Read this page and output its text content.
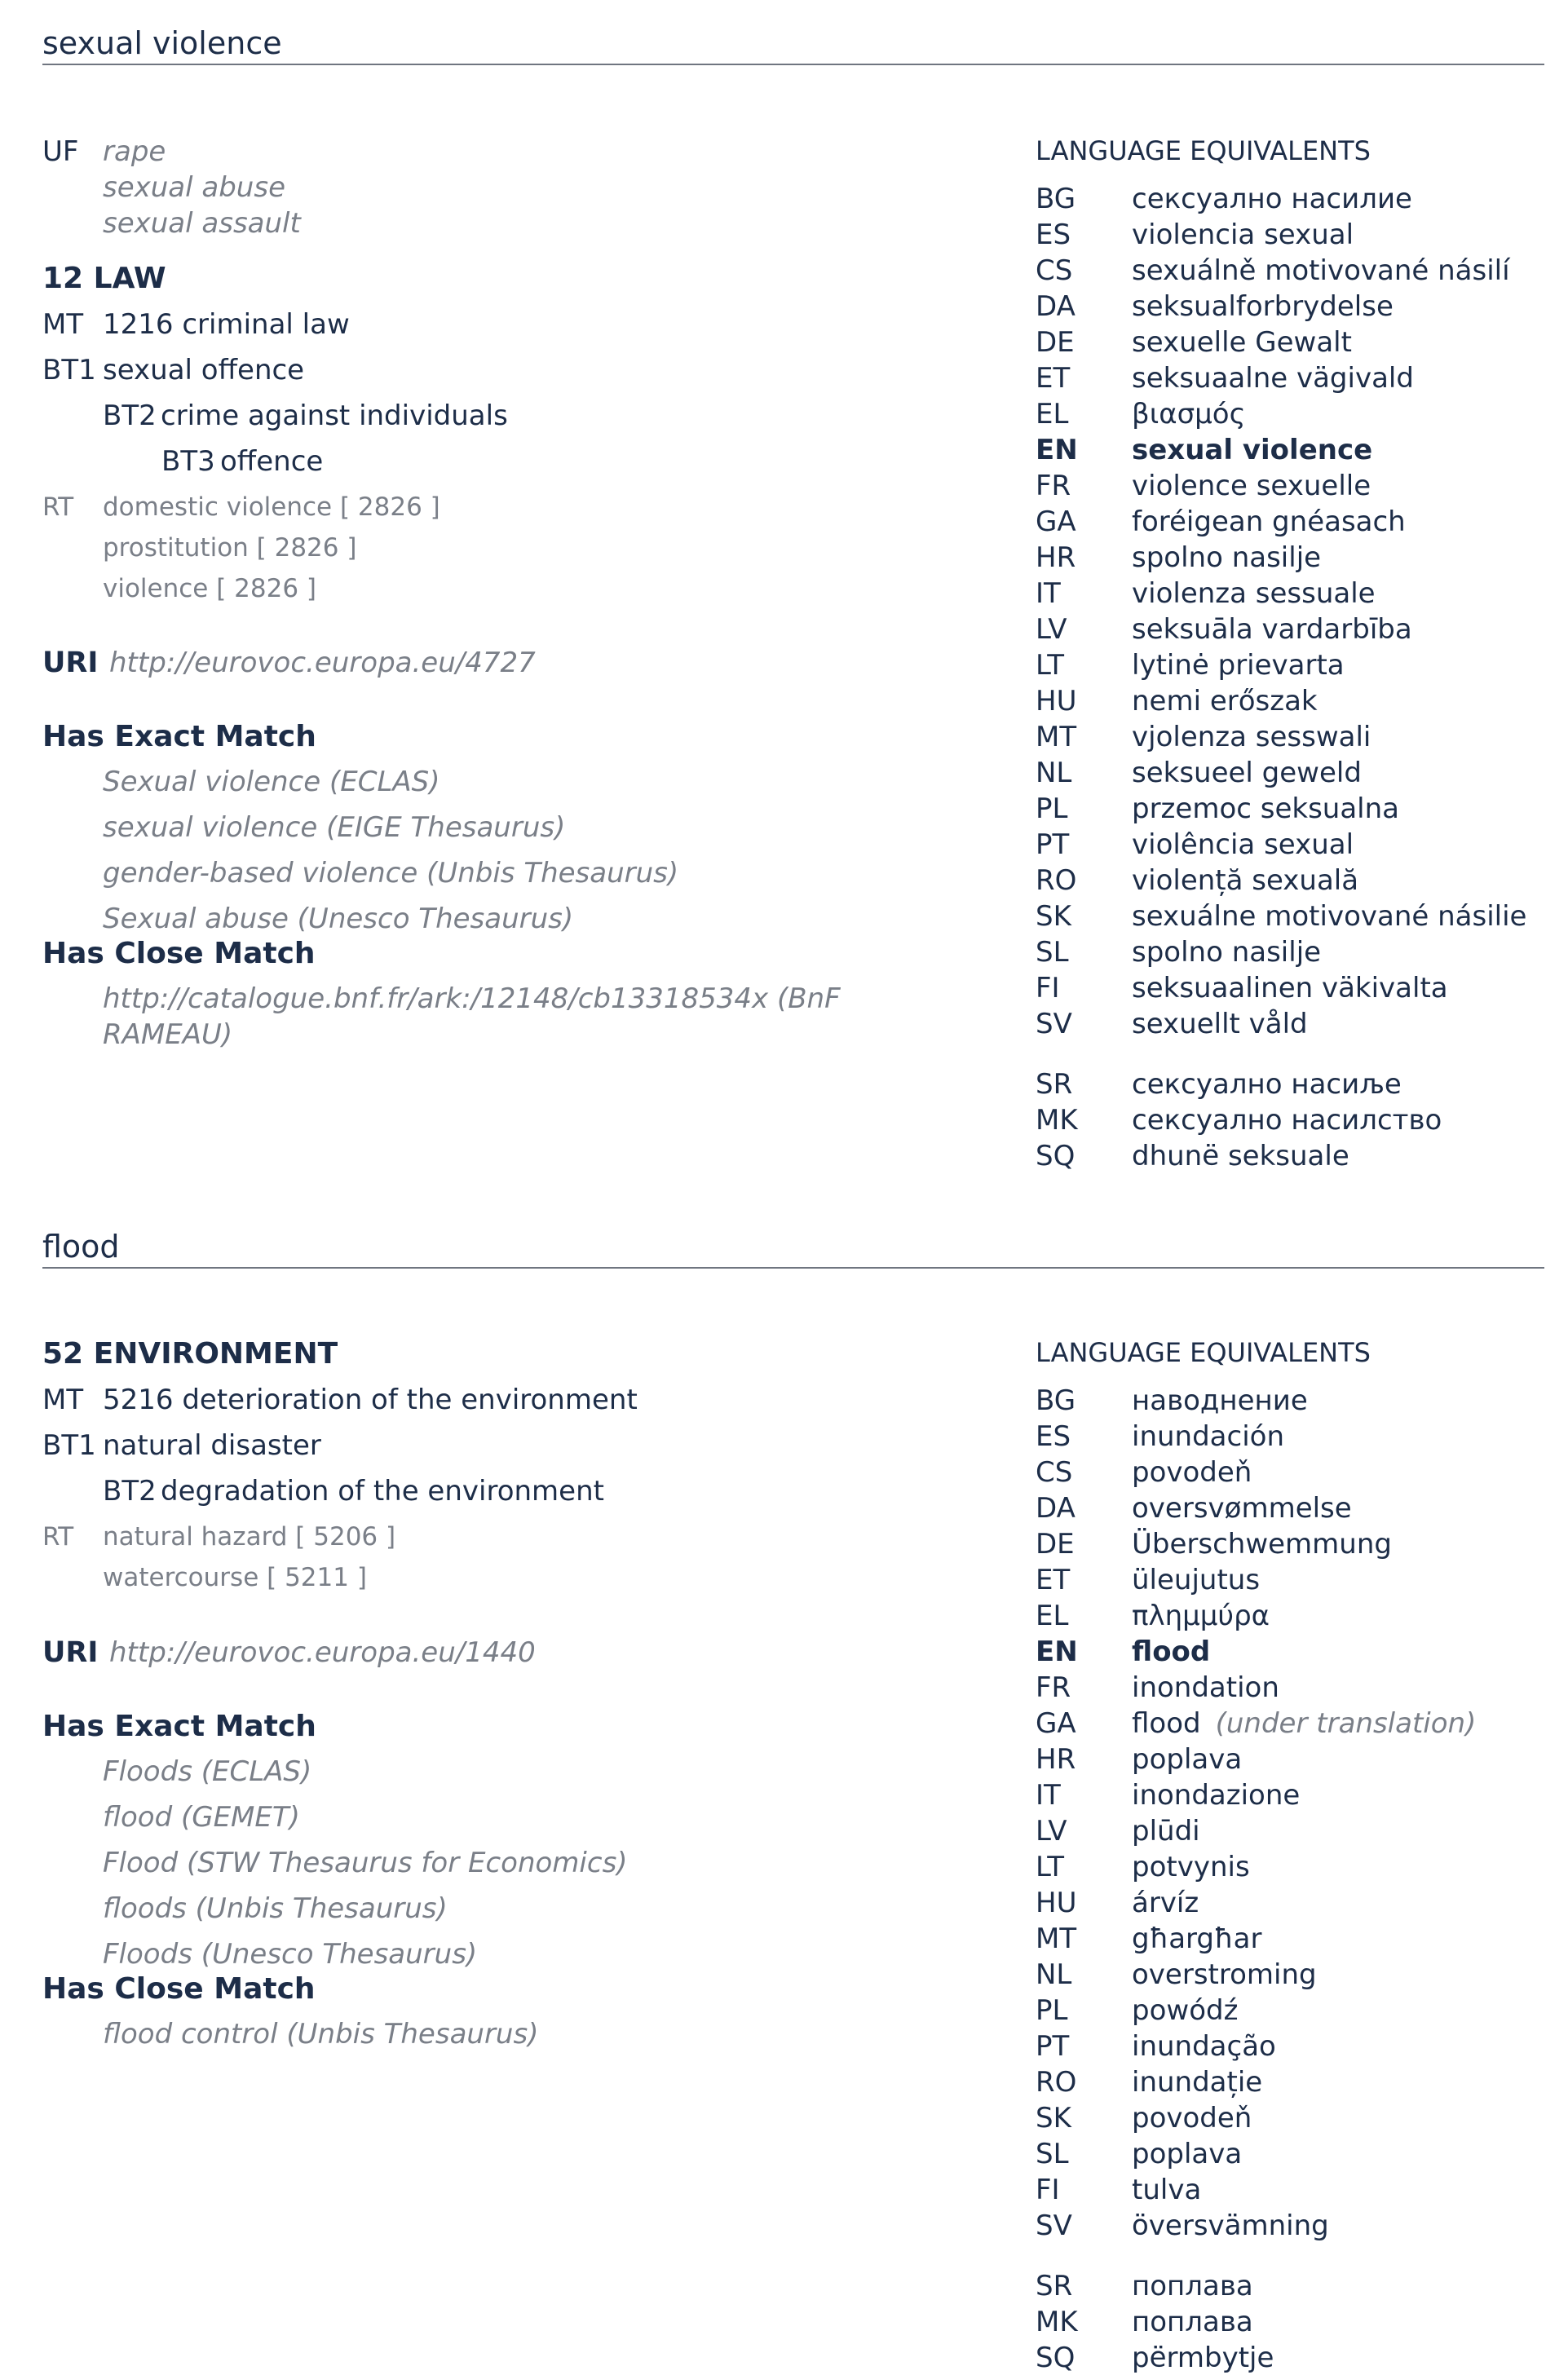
sexual violence
UF rape
sexual abuse
sexual assault
12 LAW
MT 1216 criminal law
BT1 sexual offence
BT2 crime against individuals
BT3 offence
RT domestic violence [ 2826 ]
prostitution [ 2826 ]
violence [ 2826 ]
URI http://eurovoc.europa.eu/4727
Has Exact Match
Sexual violence (ECLAS)
sexual violence (EIGE Thesaurus)
gender-based violence (Unbis Thesaurus)
Sexual abuse (Unesco Thesaurus)
Has Close Match
http://catalogue.bnf.fr/ark:/12148/cb13318534x (BnF
RAMEAU)
LANGUAGE EQUIVALENTS
BG сексуално насилие
ES violencia sexual
CS sexuálně motivované násilí
DA seksualforbrydelse
DE sexuelle Gewalt
ET seksuaalne vägivald
EL βιασμός
EN sexual violence
FR violence sexuelle
GA foréigean gnéasach
HR spolno nasilje
IT	violenza sessuale
LV seksuāla vardarbība
LT lytinė prievarta
HU nemi erőszak
MT vjolenza sesswali
NL seksueel geweld
PL przemoc seksualna
PT violência sexual
RO violență sexuală
SK sexuálne motivované násilie
SL spolno nasilje
FI	seksuaalinen väkivalta
SV sexuellt våld
SR сексуално насиље
MK сексуално насилство
SQ dhunë seksuale
flood
52 ENVIRONMENT
MT 5216 deterioration of the environment
BT1 natural disaster
BT2 degradation of the environment
RT natural hazard [ 5206 ]
watercourse [ 5211 ]
URI http://eurovoc.europa.eu/1440
Has Exact Match
Floods (ECLAS)
flood (GEMET)
Flood (STW Thesaurus for Economics)
floods (Unbis Thesaurus)
Floods (Unesco Thesaurus)
Has Close Match
flood control (Unbis Thesaurus)
LANGUAGE EQUIVALENTS
BG наводнение
ES inundación
CS povodeň
DA oversvømmelse
DE Überschwemmung
ET üleujutus
EL πλημμύρα
EN flood
FR inondation
GA flood (under translation)
HR poplava
IT	inondazione
LV plūdi
LT potvynis
HU árvíz
MT għargħar
NL overstroming
PL powódź
PT inundação
RO inundație
SK povodeň
SL poplava
FI	tulva
SV översvämning
SR поплава
MK поплава
SQ përmbytje
